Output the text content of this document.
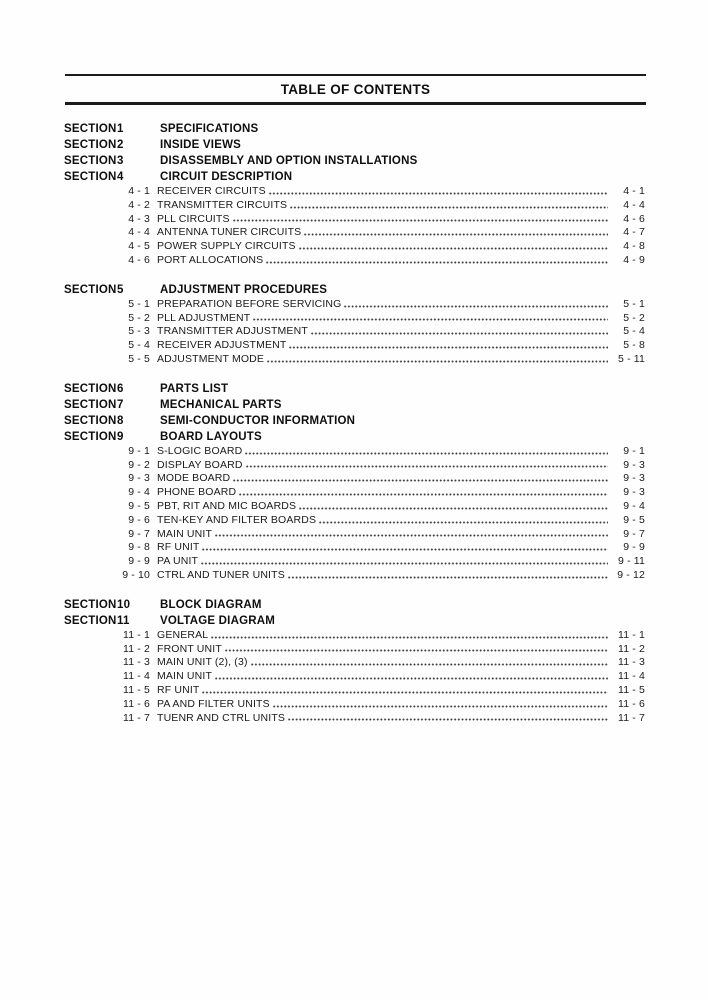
TABLE OF CONTENTS
SECTION 1	SPECIFICATIONS
SECTION 2	INSIDE VIEWS
SECTION 3	DISASSEMBLY AND OPTION INSTALLATIONS
SECTION 4	CIRCUIT DESCRIPTION
4 - 1 RECEIVER CIRCUITS	4 - 1
4 - 2 TRANSMITTER CIRCUITS	4 - 4
4 - 3 PLL CIRCUITS	4 - 6
4 - 4 ANTENNA TUNER CIRCUITS	4 - 7
4 - 5 POWER SUPPLY CIRCUITS	4 - 8
4 - 6 PORT ALLOCATIONS	4 - 9
SECTION 5	ADJUSTMENT PROCEDURES
5 - 1 PREPARATION BEFORE SERVICING	5 - 1
5 - 2 PLL ADJUSTMENT	5 - 2
5 - 3 TRANSMITTER ADJUSTMENT	5 - 4
5 - 4 RECEIVER ADJUSTMENT	5 - 8
5 - 5 ADJUSTMENT MODE	5 - 11
SECTION 6	PARTS LIST
SECTION 7	MECHANICAL PARTS
SECTION 8	SEMI-CONDUCTOR INFORMATION
SECTION 9	BOARD LAYOUTS
9 - 1 S-LOGIC BOARD	9 - 1
9 - 2 DISPLAY BOARD	9 - 3
9 - 3 MODE BOARD	9 - 3
9 - 4 PHONE BOARD	9 - 3
9 - 5 PBT, RIT AND MIC BOARDS	9 - 4
9 - 6 TEN-KEY AND FILTER BOARDS	9 - 5
9 - 7 MAIN UNIT	9 - 7
9 - 8 RF UNIT	9 - 9
9 - 9 PA UNIT	9 - 11
9 - 10 CTRL AND TUNER UNITS	9 - 12
SECTION 10	BLOCK DIAGRAM
SECTION 11	VOLTAGE DIAGRAM
11 - 1 GENERAL	11 - 1
11 - 2 FRONT UNIT	11 - 2
11 - 3 MAIN UNIT (2), (3)	11 - 3
11 - 4 MAIN UNIT	11 - 4
11 - 5 RF UNIT	11 - 5
11 - 6 PA AND FILTER UNITS	11 - 6
11 - 7 TUENR AND CTRL UNITS	11 - 7
